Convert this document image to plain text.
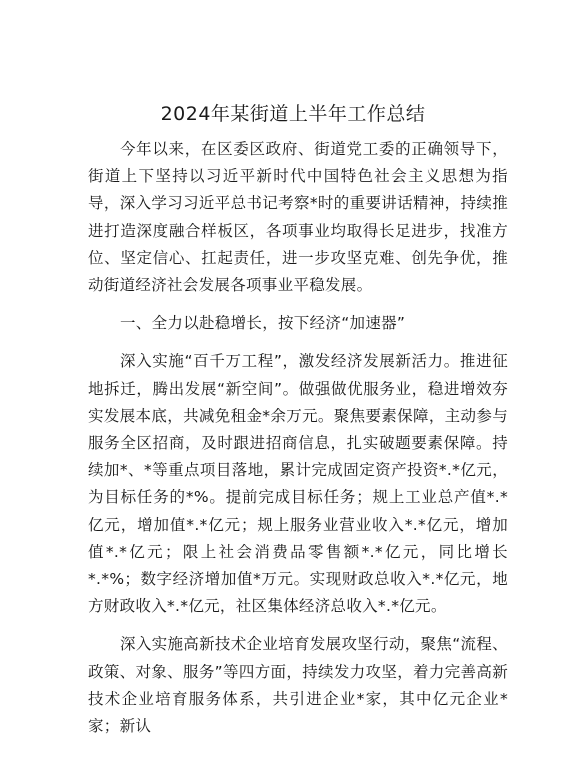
2024年某街道上半年工作总结

今年以来，在区委区政府、街道党工委的正确领导下，街道上下坚持以习近平新时代中国特色社会主义思想为指导，深入学习习近平总书记考察*时的重要讲话精神，持续推进打造深度融合样板区，各项事业均取得长足进步，找准方位、坚定信心、扛起责任，进一步攻坚克难、创先争优，推动街道经济社会发展各项事业平稳发展。

一、全力以赴稳增长，按下经济“加速器”

深入实施“百千万工程”，激发经济发展新活力。推进征地拆迁，腾出发展“新空间”。做强做优服务业，稳进增效夯实发展本底，共减免租金*余万元。聚焦要素保障，主动参与服务全区招商，及时跟进招商信息，扎实破题要素保障。持续加*、*等重点项目落地，累计完成固定资产投资*.*亿元，为目标任务的*%。提前完成目标任务；规上工业总产值*.*亿元，增加值*.*亿元；规上服务业营业收入*.*亿元，增加值*.*亿元；限上社会消费品零售额*.*亿元，同比增长*.*%；数字经济增加值*万元。实现财政总收入*.*亿元，地方财政收入*.*亿元，社区集体经济总收入*.*亿元。

深入实施高新技术企业培育发展攻坚行动，聚焦“流程、政策、对象、服务”等四方面，持续发力攻坚，着力完善高新技术企业培育服务体系，共引进企业*家，其中亿元企业*家；新认
